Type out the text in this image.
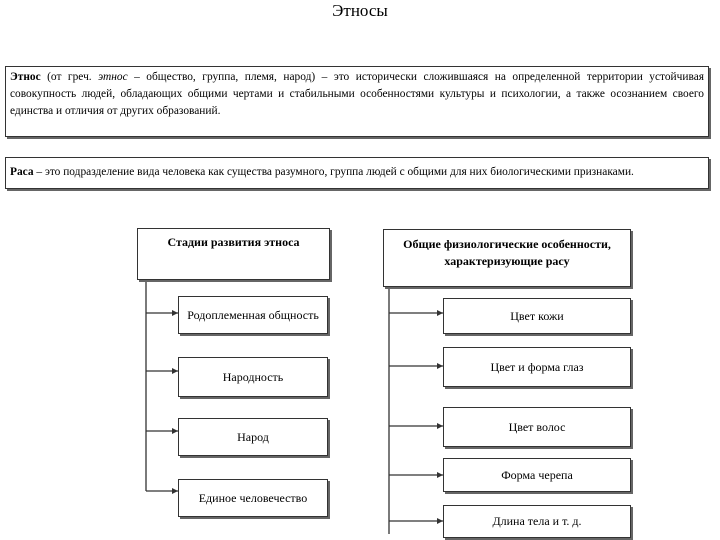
Этносы
Этнос (от греч. этнос – общество, группа, племя, народ) – это исторически сложившаяся на определенной территории устойчивая совокупность людей, обладающих общими чертами и стабильными особенностями культуры и психологии, а также осознанием своего единства и отличия от других образований.
Раса – это подразделение вида человека как существа разумного, группа людей с общими для них биологическими признаками.
Стадии развития этноса	Общие физиологические особенности,
характеризующие расу
Родоплеменная общность
Народность
Народ
Единое человечество
Цвет кожи
Цвет и форма глаз
Цвет волос
Форма черепа
Длина тела и т. д.
